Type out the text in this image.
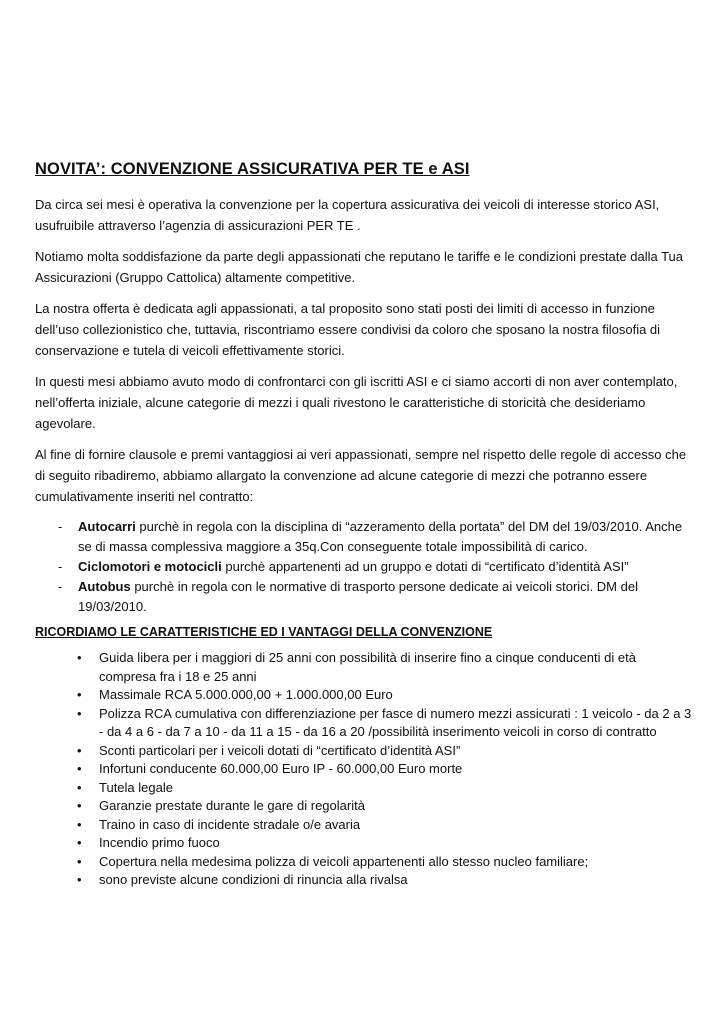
NOVITA’: CONVENZIONE ASSICURATIVA PER TE e ASI

Da circa sei mesi è operativa la convenzione per la copertura assicurativa dei veicoli di interesse storico ASI, usufruibile attraverso l’agenzia di assicurazioni PER TE .

Notiamo molta soddisfazione da parte degli appassionati che reputano le tariffe e le condizioni prestate dalla Tua Assicurazioni (Gruppo Cattolica) altamente competitive.

La nostra offerta è dedicata agli appassionati, a tal proposito sono stati posti dei limiti di accesso in funzione dell’uso collezionistico che, tuttavia, riscontriamo essere condivisi da coloro che sposano la nostra filosofia di conservazione e tutela di veicoli effettivamente storici.

In questi mesi abbiamo avuto modo di confrontarci con gli iscritti ASI e ci siamo accorti di non aver contemplato, nell’offerta iniziale, alcune categorie di mezzi i quali rivestono le caratteristiche di storicità che desideriamo agevolare.

Al fine di fornire clausole e premi vantaggiosi ai veri appassionati, sempre nel rispetto delle regole di accesso che di seguito ribadiremo, abbiamo allargato la convenzione ad alcune categorie di mezzi che potranno essere cumulativamente inseriti nel contratto:

- Autocarri purchè in regola con la disciplina di “azzeramento della portata” del DM del 19/03/2010. Anche se di massa complessiva maggiore a 35q.Con conseguente totale impossibilità di carico.
- Ciclomotori e motocicli purchè appartenenti ad un gruppo e dotati di “certificato d’identità ASI”
- Autobus purchè in regola con le normative di trasporto persone dedicate ai veicoli storici. DM del 19/03/2010.
RICORDIAMO LE CARATTERISTICHE ED I VANTAGGI DELLA CONVENZIONE
• Guida libera per i maggiori di 25 anni con possibilità di inserire fino a cinque conducenti di età compresa fra i 18 e 25 anni
• Massimale RCA 5.000.000,00 + 1.000.000,00 Euro
• Polizza RCA cumulativa con differenziazione per fasce di numero mezzi assicurati : 1 veicolo - da 2 a 3 - da 4 a 6 - da 7 a 10 - da 11 a 15 - da 16 a 20 /possibilità inserimento veicoli in corso di contratto
• Sconti particolari per i veicoli dotati di “certificato d’identità ASI”
• Infortuni conducente 60.000,00 Euro IP - 60.000,00 Euro morte
• Tutela legale
• Garanzie prestate durante le gare di regolarità
• Traino in caso di incidente stradale o/e avaria
• Incendio primo fuoco
• Copertura nella medesima polizza di veicoli appartenenti allo stesso nucleo familiare;
• sono previste alcune condizioni di rinuncia alla rivalsa
